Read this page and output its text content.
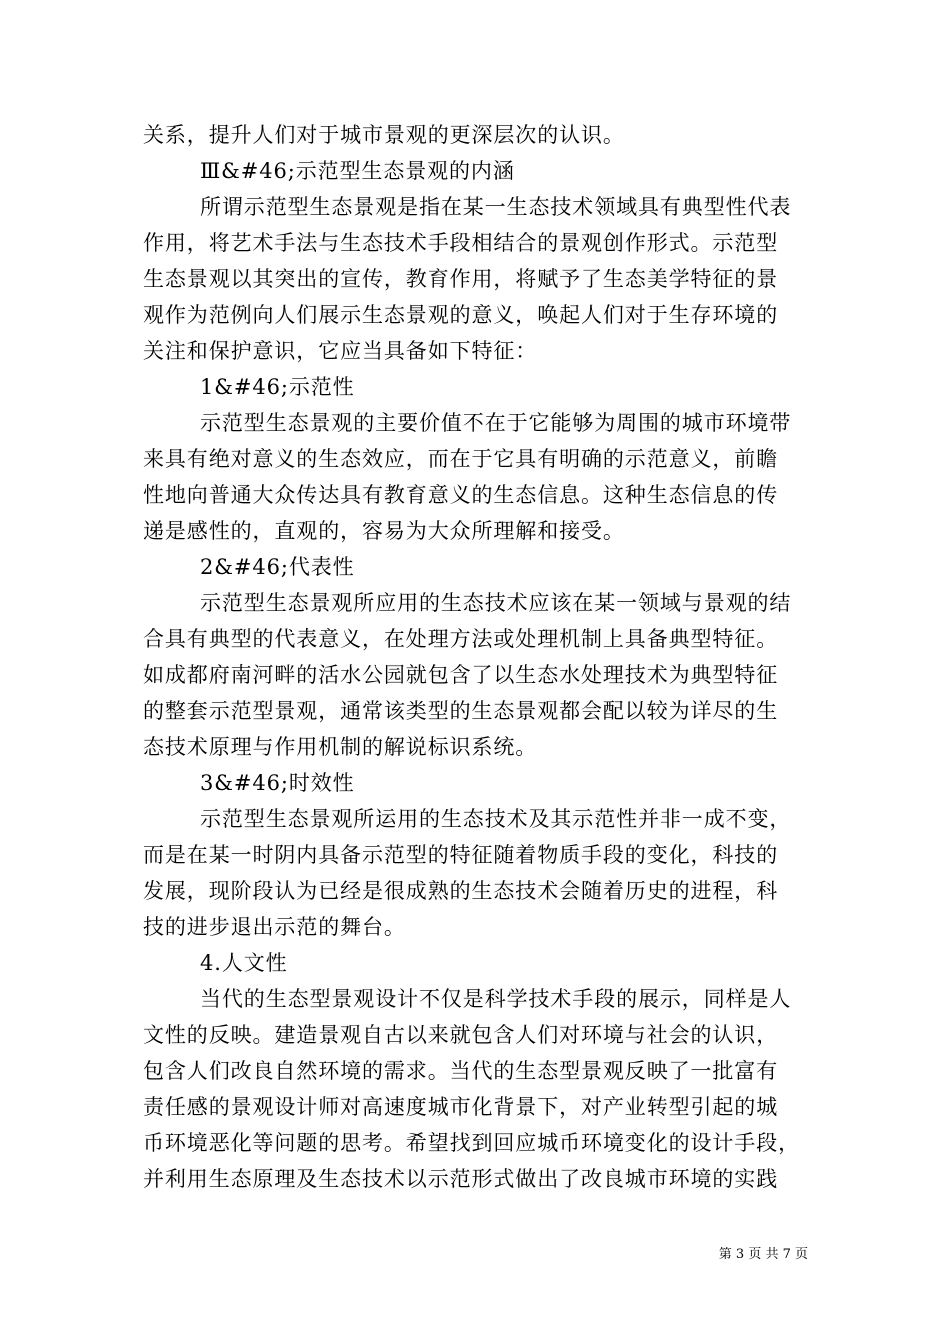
关系，提升人们对于城市景观的更深层次的认识。
Ⅲ&#46;示范型生态景观的内涵
所谓示范型生态景观是指在某一生态技术领域具有典型性代表
作用，将艺术手法与生态技术手段相结合的景观创作形式。示范型
生态景观以其突出的宣传，教育作用，将赋予了生态美学特征的景
观作为范例向人们展示生态景观的意义，唤起人们对于生存环境的
关注和保护意识，它应当具备如下特征：
1&#46;示范性
示范型生态景观的主要价值不在于它能够为周围的城市环境带
来具有绝对意义的生态效应，而在于它具有明确的示范意义，前瞻
性地向普通大众传达具有教育意义的生态信息。这种生态信息的传
递是感性的，直观的，容易为大众所理解和接受。
2&#46;代表性
示范型生态景观所应用的生态技术应该在某一领域与景观的结
合具有典型的代表意义，在处理方法或处理机制上具备典型特征。
如成都府南河畔的活水公园就包含了以生态水处理技术为典型特征
的整套示范型景观，通常该类型的生态景观都会配以较为详尽的生
态技术原理与作用机制的解说标识系统。
3&#46;时效性
示范型生态景观所运用的生态技术及其示范性并非一成不变，
而是在某一时阴内具备示范型的特征随着物质手段的变化，科技的
发展，现阶段认为已经是很成熟的生态技术会随着历史的进程，科
技的进步退出示范的舞台。
4.人文性
当代的生态型景观设计不仅是科学技术手段的展示，同样是人
文性的反映。建造景观自古以来就包含人们对环境与社会的认识，
包含人们改良自然环境的需求。当代的生态型景观反映了一批富有
责任感的景观设计师对高速度城市化背景下，对产业转型引起的城
币环境恶化等问题的思考。希望找到回应城币环境变化的设计手段，
并利用生态原理及生态技术以示范形式做出了改良城市环境的实践
第 3 页 共 7 页
